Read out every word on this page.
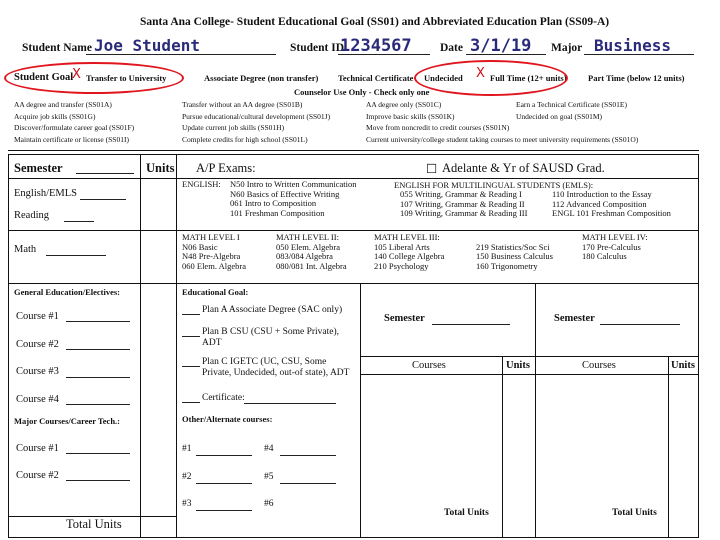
Santa Ana College- Student Educational Goal (SS01) and Abbreviated Education Plan (SS09-A)
Student Name Joe Student	Student ID
1234567 Date 3/1/19 Major Business
Student Goal
X Transfer to University	Associate Degree (non transfer) Technical Certificate Undecided X Full Time (12+ units)	Part Time (below 12 units)
Counselor Use Only - Check only one
AA degree and transfer (SS01A)
Acquire job skills (SS01G)
Discover/formulate career goal (SS01F)
Maintain certificate or license (SS01I)
Transfer without an AA degree (SS01B)
Pursue educational/cultural development (SS01J)
Update current job skills (SS01H)
Complete credits for high school (SS01L)
AA degree only (SS01C)
Improve basic skills (SS01K)
Move from noncredit to credit courses (SS01N)
Current university/college student taking courses to meet university requirements (SS01O)
Earn a Technical Certificate (SS01E)
Undecided on goal (SS01M)
Semester	Units
English/EMLS
Reading
Math
General Education/Electives:
Course #1
Course #2
Course #3
Course #4
Major Courses/Career Tech.:
Course #1
Course #2
Total Units
A/P Exams:	☐ Adelante & Yr of SAUSD Grad.
ENGLISH: N50 Intro to Written Communication
N60 Basics of Effective Writing
061 Intro to Composition
101 Freshman Composition
ENGLISH FOR MULTILINGUAL STUDENTS (EMLS):
055 Writing, Grammar & Reading I
107 Writing, Grammar & Reading II
109 Writing, Grammar & Reading III
110 Introduction to the Essay
112 Advanced Composition
ENGL 101 Freshman Composition
MATH LEVEL I
N06 Basic
N48 Pre-Algebra
060 Elem. Algebra
MATH LEVEL II:
050 Elem. Algebra
083/084 Algebra
080/081 Int. Algebra
MATH LEVEL III:
105 Liberal Arts
140 College Algebra
210 Psychology
219 Statistics/Soc Sci
150 Business Calculus
160 Trigonometry
MATH LEVEL IV:
170 Pre-Calculus
180 Calculus
Educational Goal:
Plan A Associate Degree (SAC only)
Plan B CSU (CSU + Some Private), ADT
Plan C IGETC (UC, CSU, Some Private, Undecided, out-of state), ADT
Certificate:
Other/Alternate courses:
#1	#4
#2	#5
#3	#6
Semester	Semester
Courses	Units	Courses	Units
Total Units	Total Units
